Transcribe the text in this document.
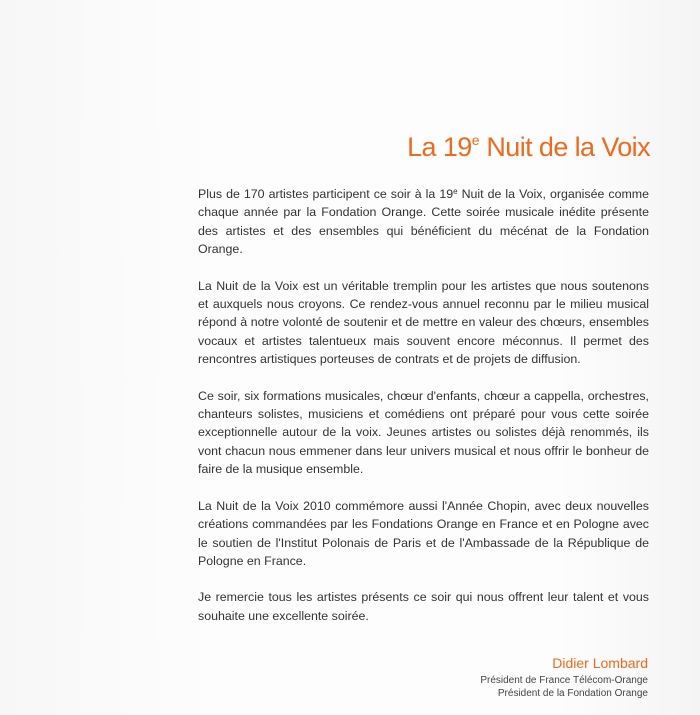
La 19e Nuit de la Voix

Plus de 170 artistes participent ce soir à la 19e Nuit de la Voix, organisée comme chaque année par la Fondation Orange. Cette soirée musicale inédite présente des artistes et des ensembles qui bénéficient du mécénat de la Fondation Orange.

La Nuit de la Voix est un véritable tremplin pour les artistes que nous soutenons et auxquels nous croyons. Ce rendez-vous annuel reconnu par le milieu musical répond à notre volonté de soutenir et de mettre en valeur des chœurs, ensembles vocaux et artistes talentueux mais souvent encore méconnus. Il permet des rencontres artistiques porteuses de contrats et de projets de diffusion.

Ce soir, six formations musicales, chœur d'enfants, chœur a cappella, orchestres, chanteurs solistes, musiciens et comédiens ont préparé pour vous cette soirée exceptionnelle autour de la voix. Jeunes artistes ou solistes déjà renommés, ils vont chacun nous emmener dans leur univers musical et nous offrir le bonheur de faire de la musique ensemble.

La Nuit de la Voix 2010 commémore aussi l'Année Chopin, avec deux nouvelles créations commandées par les Fondations Orange en France et en Pologne avec le soutien de l'Institut Polonais de Paris et de l'Ambassade de la République de Pologne en France.

Je remercie tous les artistes présents ce soir qui nous offrent leur talent et vous souhaite une excellente soirée.

Didier Lombard
Président de France Télécom-Orange
Président de la Fondation Orange
